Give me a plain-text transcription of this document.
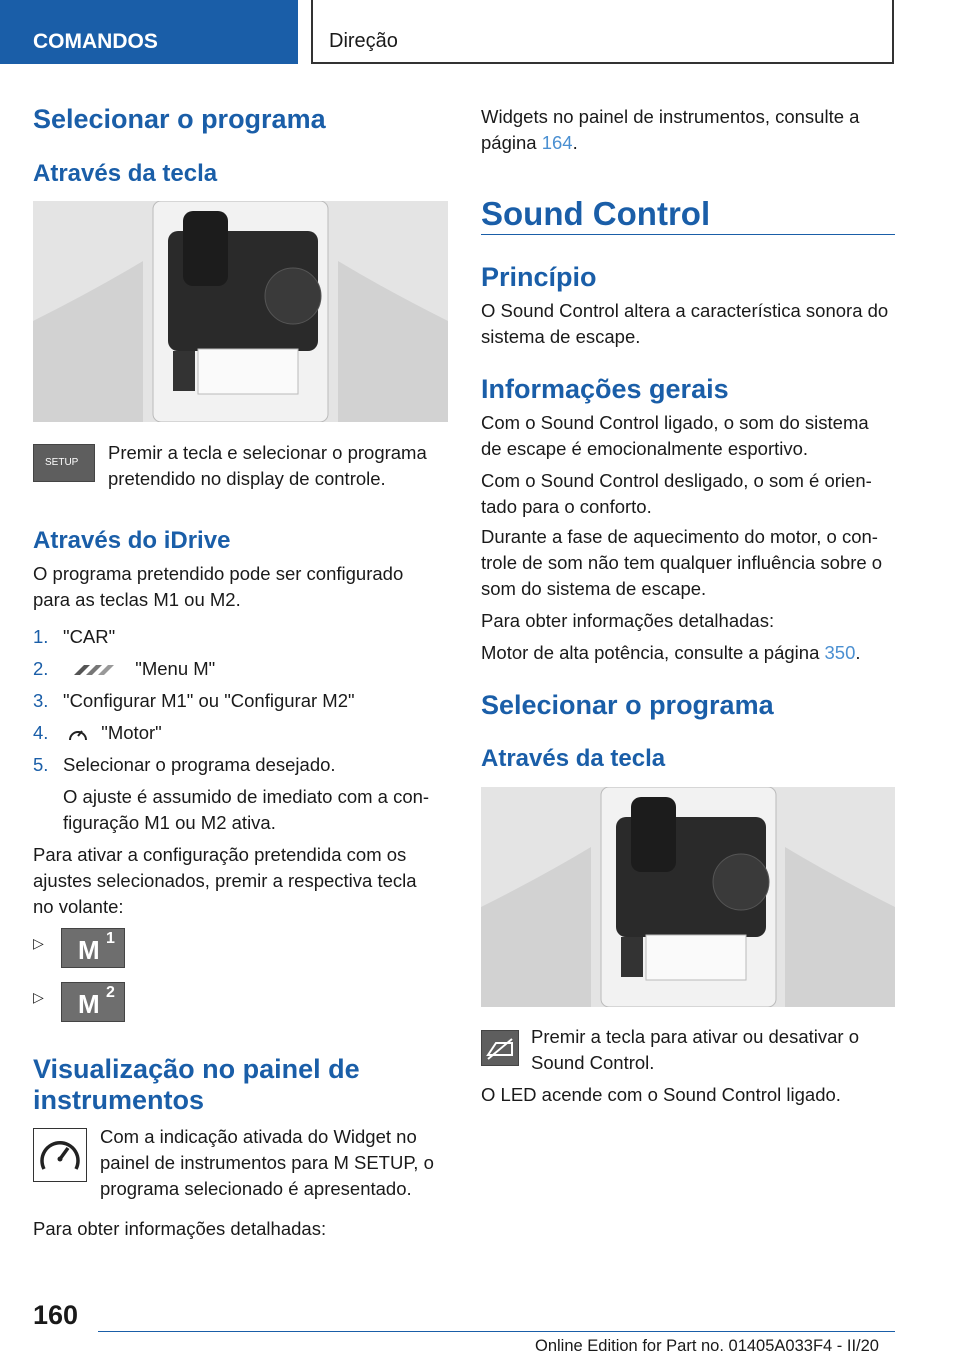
COMANDOS	Direção
Selecionar o programa
Através da tecla
SETUP Premir a tecla e selecionar o programa
pretendido no display de controle.
Através do iDrive
O programa pretendido pode ser configurado
para as teclas M1 ou M2.
1. "CAR"
2.	"Menu M"
3. "Configurar M1" ou "Configurar M2"
4.	"Motor"
5. Selecionar o programa desejado.
O ajuste é assumido de imediato com a con-
figuração M1 ou M2 ativa.
Para ativar a configuração pretendida com os
ajustes selecionados, premir a respectiva tecla
no volante:
▷ M 1
▷ M 2
Visualização no painel de
instrumentos
Com a indicação ativada do Widget no
painel de instrumentos para M SETUP, o
programa selecionado é apresentado.
Para obter informações detalhadas:
Widgets no painel de instrumentos, consulte a
página 164.
Sound Control
Princípio
O Sound Control altera a característica sonora do
sistema de escape.
Informações gerais
Com o Sound Control ligado, o som do sistema
de escape é emocionalmente esportivo.
Com o Sound Control desligado, o som é orien-
tado para o conforto.
Durante a fase de aquecimento do motor, o con-
trole de som não tem qualquer influência sobre o
som do sistema de escape.
Para obter informações detalhadas:
Motor de alta potência, consulte a página 350.
Selecionar o programa
Através da tecla
Premir a tecla para ativar ou desativar o
Sound Control.
O LED acende com o Sound Control ligado.
160
Online Edition for Part no. 01405A033F4 - II/20
